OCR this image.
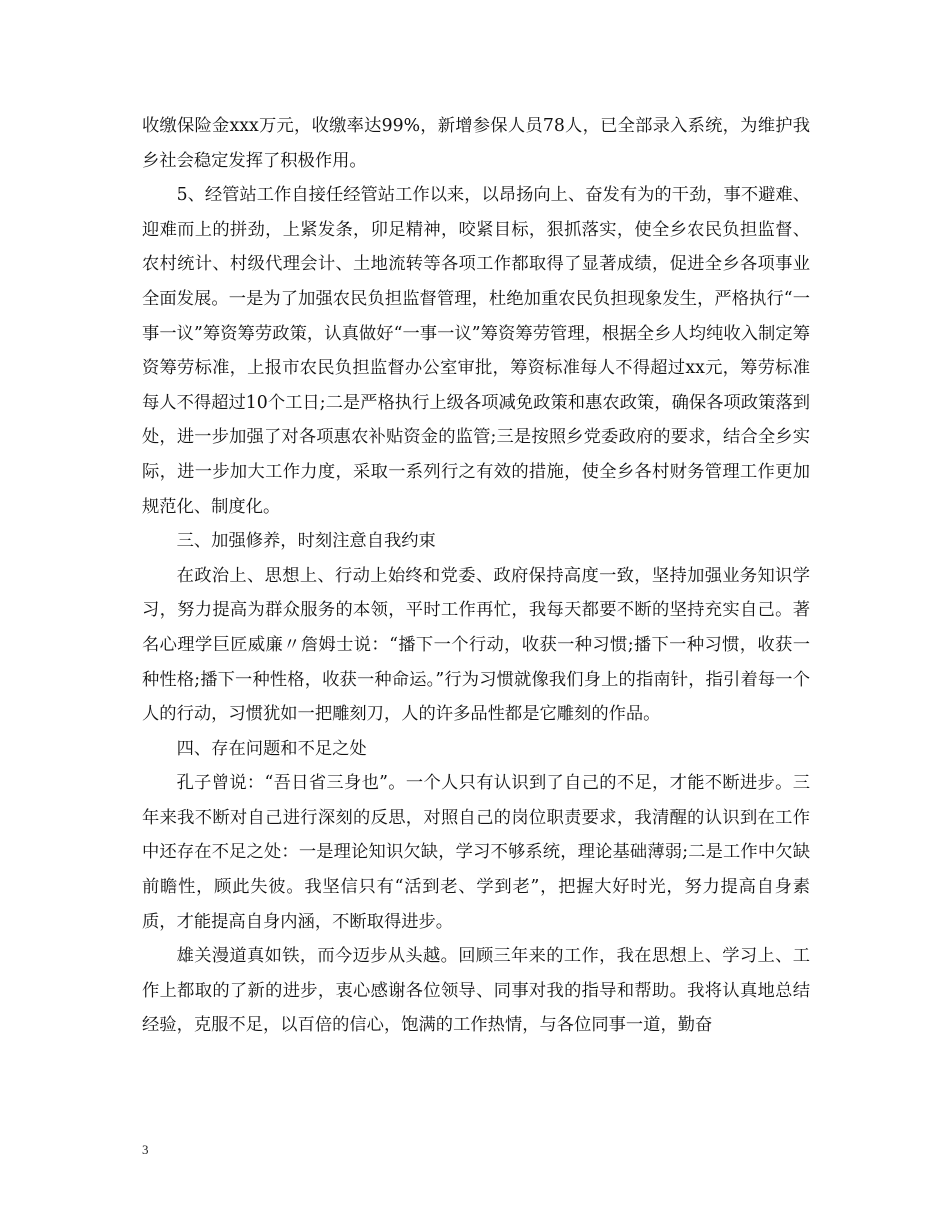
收缴保险金xxx万元，收缴率达99%，新增参保人员78人，已全部录入系统，为维护我乡社会稳定发挥了积极作用。

5、经管站工作自接任经管站工作以来，以昂扬向上、奋发有为的干劲，事不避难、迎难而上的拼劲，上紧发条，卯足精神，咬紧目标，狠抓落实，使全乡农民负担监督、农村统计、村级代理会计、土地流转等各项工作都取得了显著成绩，促进全乡各项事业全面发展。一是为了加强农民负担监督管理，杜绝加重农民负担现象发生，严格执行“一事一议”筹资筹劳政策，认真做好“一事一议”筹资筹劳管理，根据全乡人均纯收入制定筹资筹劳标准，上报市农民负担监督办公室审批，筹资标准每人不得超过xx元，筹劳标准每人不得超过10个工日;二是严格执行上级各项减免政策和惠农政策，确保各项政策落到处，进一步加强了对各项惠农补贴资金的监管;三是按照乡党委政府的要求，结合全乡实际，进一步加大工作力度，采取一系列行之有效的措施，使全乡各村财务管理工作更加规范化、制度化。

三、加强修养，时刻注意自我约束

在政治上、思想上、行动上始终和党委、政府保持高度一致，坚持加强业务知识学习，努力提高为群众服务的本领，平时工作再忙，我每天都要不断的坚持充实自己。著名心理学巨匠威廉〃詹姆士说：“播下一个行动，收获一种习惯;播下一种习惯，收获一种性格;播下一种性格，收获一种命运。”行为习惯就像我们身上的指南针，指引着每一个人的行动，习惯犹如一把雕刻刀，人的许多品性都是它雕刻的作品。

四、存在问题和不足之处

孔子曾说：“吾日省三身也”。一个人只有认识到了自己的不足，才能不断进步。三年来我不断对自己进行深刻的反思，对照自己的岗位职责要求，我清醒的认识到在工作中还存在不足之处：一是理论知识欠缺，学习不够系统，理论基础薄弱;二是工作中欠缺前瞻性，顾此失彼。我坚信只有“活到老、学到老”，把握大好时光，努力提高自身素质，才能提高自身内涵，不断取得进步。

雄关漫道真如铁，而今迈步从头越。回顾三年来的工作，我在思想上、学习上、工作上都取的了新的进步，衷心感谢各位领导、同事对我的指导和帮助。我将认真地总结经验，克服不足，以百倍的信心，饱满的工作热情，与各位同事一道，勤奋

3
